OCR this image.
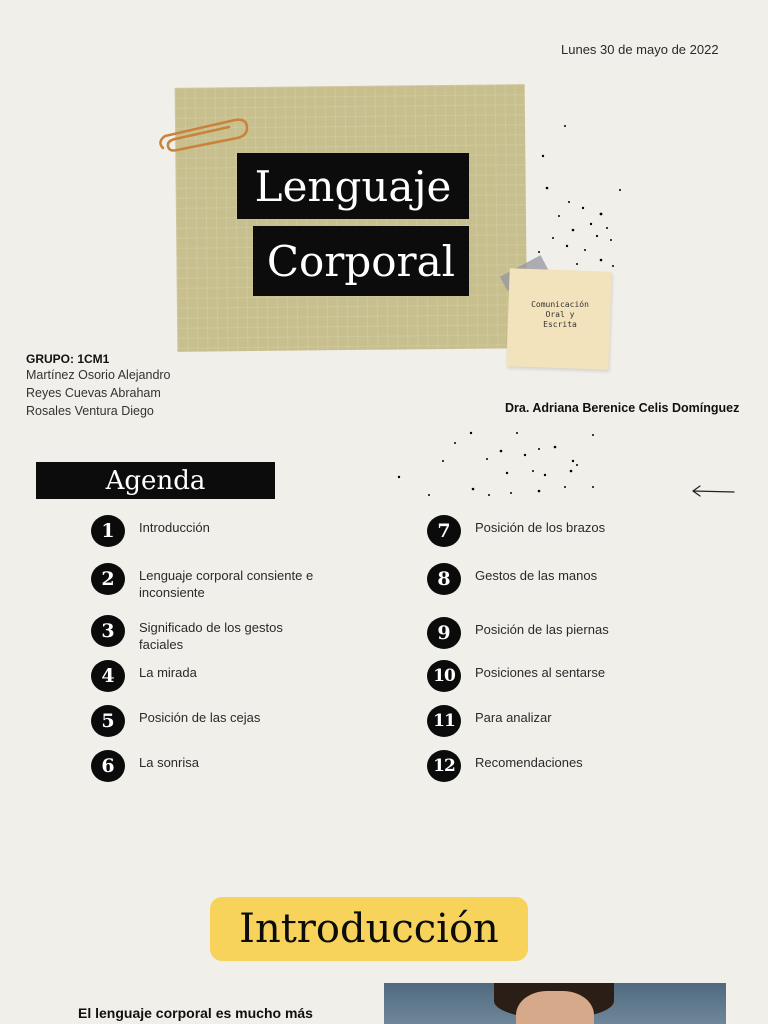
Lunes 30 de mayo de 2022
Lenguaje
Corporal
Comunicación
Oral y
Escrita
GRUPO: 1CM1
Martínez Osorio Alejandro
Reyes Cuevas Abraham
Rosales Ventura Diego	Dra. Adriana Berenice Celis Domínguez
Agenda
1	Introducción
2	Lenguaje corporal consiente e inconsiente
3	Significado de los gestos faciales
4	La mirada
5	Posición de las cejas
6	La sonrisa
7	Posición de los brazos
8	Gestos de las manos
9	Posición de las piernas
10	Posiciones al sentarse
11	Para analizar
12	Recomendaciones
Introducción
El lenguaje corporal es mucho más
